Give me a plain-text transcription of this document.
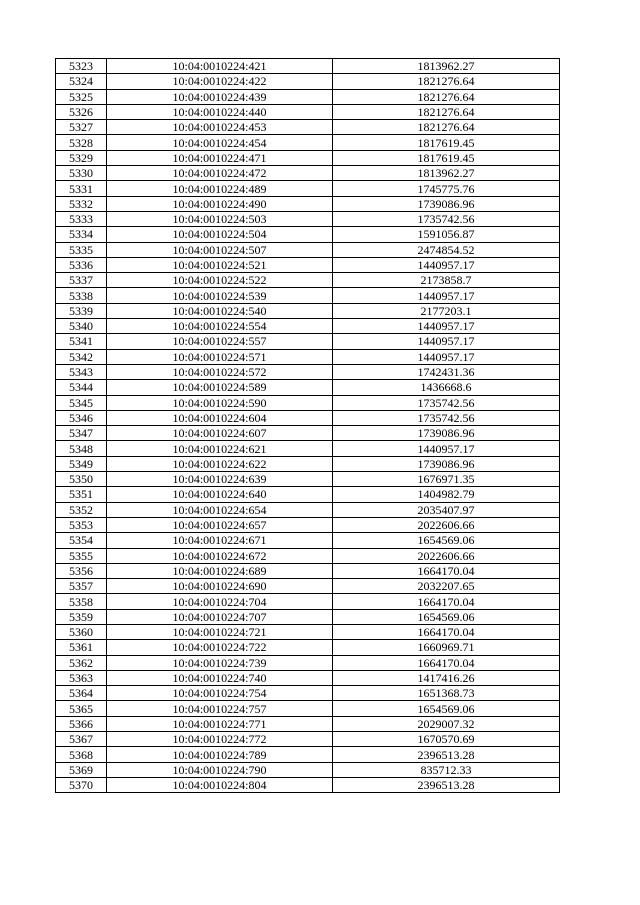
5323	10:04:0010224:421	1813962.27
5324	10:04:0010224:422	1821276.64
5325	10:04:0010224:439	1821276.64
5326	10:04:0010224:440	1821276.64
5327	10:04:0010224:453	1821276.64
5328	10:04:0010224:454	1817619.45
5329	10:04:0010224:471	1817619.45
5330	10:04:0010224:472	1813962.27
5331	10:04:0010224:489	1745775.76
5332	10:04:0010224:490	1739086.96
5333	10:04:0010224:503	1735742.56
5334	10:04:0010224:504	1591056.87
5335	10:04:0010224:507	2474854.52
5336	10:04:0010224:521	1440957.17
5337	10:04:0010224:522	2173858.7
5338	10:04:0010224:539	1440957.17
5339	10:04:0010224:540	2177203.1
5340	10:04:0010224:554	1440957.17
5341	10:04:0010224:557	1440957.17
5342	10:04:0010224:571	1440957.17
5343	10:04:0010224:572	1742431.36
5344	10:04:0010224:589	1436668.6
5345	10:04:0010224:590	1735742.56
5346	10:04:0010224:604	1735742.56
5347	10:04:0010224:607	1739086.96
5348	10:04:0010224:621	1440957.17
5349	10:04:0010224:622	1739086.96
5350	10:04:0010224:639	1676971.35
5351	10:04:0010224:640	1404982.79
5352	10:04:0010224:654	2035407.97
5353	10:04:0010224:657	2022606.66
5354	10:04:0010224:671	1654569.06
5355	10:04:0010224:672	2022606.66
5356	10:04:0010224:689	1664170.04
5357	10:04:0010224:690	2032207.65
5358	10:04:0010224:704	1664170.04
5359	10:04:0010224:707	1654569.06
5360	10:04:0010224:721	1664170.04
5361	10:04:0010224:722	1660969.71
5362	10:04:0010224:739	1664170.04
5363	10:04:0010224:740	1417416.26
5364	10:04:0010224:754	1651368.73
5365	10:04:0010224:757	1654569.06
5366	10:04:0010224:771	2029007.32
5367	10:04:0010224:772	1670570.69
5368	10:04:0010224:789	2396513.28
5369	10:04:0010224:790	835712.33
5370	10:04:0010224:804	2396513.28
